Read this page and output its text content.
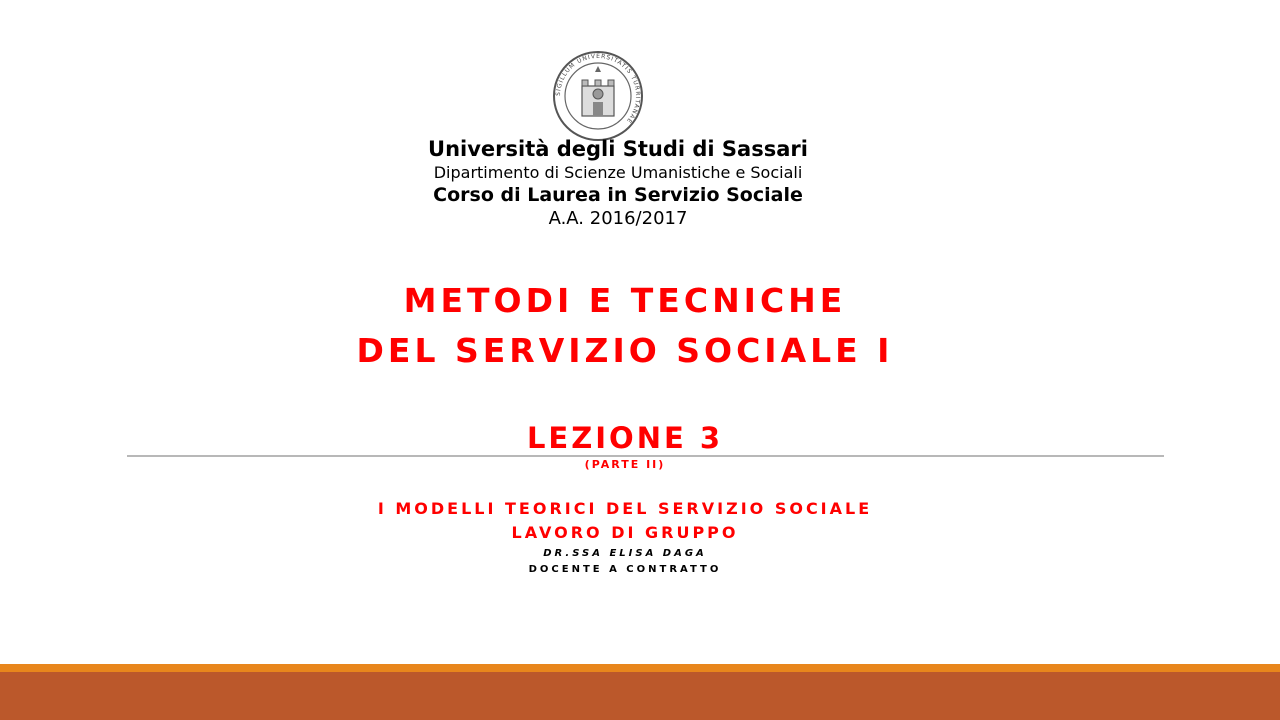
SIGILLUM UNIVERSITATIS TURRITANAE
Università degli Studi di Sassari
Dipartimento di Scienze Umanistiche e Sociali
Corso di Laurea in Servizio Sociale
A.A. 2016/2017
METODI E TECNICHE
DEL SERVIZIO SOCIALE I
LEZIONE 3
(PARTE II)
I MODELLI TEORICI DEL SERVIZIO SOCIALE
LAVORO DI GRUPPO
DR.SSA ELISA DAGA
DOCENTE A CONTRATTO
